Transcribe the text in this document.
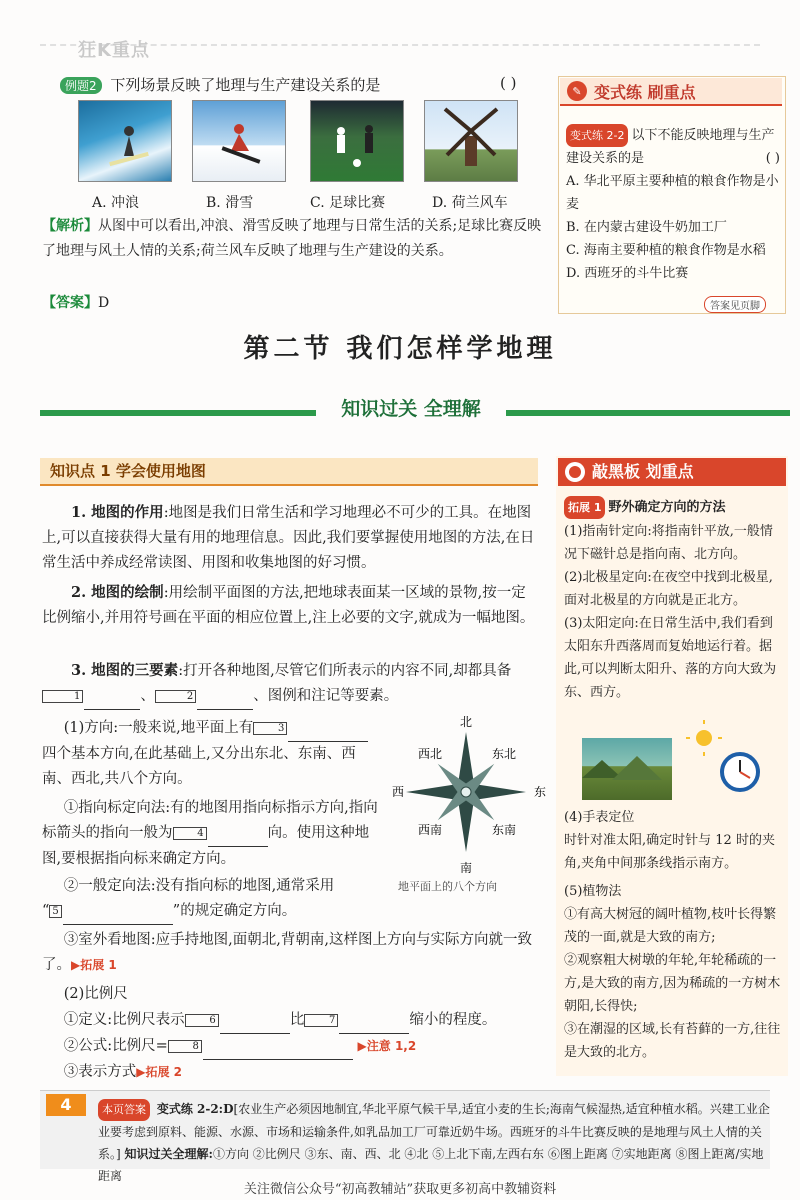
狂K重点
例题2 下列场景反映了地理与生产建设关系的是	( )
A. 冲浪	B. 滑雪	C. 足球比赛	D. 荷兰风车
【解析】从图中可以看出,冲浪、滑雪反映了地理与日常生活的关系;足球比赛反映了地理与风土人情的关系;荷兰风车反映了地理与生产建设的关系。
【答案】D
✎ 变式练 刷重点
变式练 2-2 以下不能反映地理与生产建设关系的是	( )

A. 华北平原主要种植的粮食作物是小麦
B. 在内蒙古建设牛奶加工厂
C. 海南主要种植的粮食作物是水稻
D. 西班牙的斗牛比赛
答案见页脚
第二节 我们怎样学地理
知识过关 全理解
知识点 1 学会使用地图
1. 地图的作用:地图是我们日常生活和学习地理必不可少的工具。在地图上,可以直接获得大量有用的地理信息。因此,我们要掌握使用地图的方法,在日常生活中养成经常读图、用图和收集地图的好习惯。
2. 地图的绘制:用绘制平面图的方法,把地球表面某一区域的景物,按一定比例缩小,并用符号画在平面的相应位置上,注上必要的文字,就成为一幅地图。
3. 地图的三要素:打开各种地图,尽管它们所表示的内容不同,却都具备1	、	2	、图例和注记等要素。
(1)方向:一般来说,地平面上有 3 四个基本方向,在此基础上,又分出东北、东南、西南、西北,共八个方向。
①指向标定向法:有的地图用指向标指示方向,指向标箭头的指向一般为 4	向。使用这种地图,要根据指向标来确定方向。
②一般定向法:没有指向标的地图,通常采用
“ 5	”的规定确定方向。
③室外看地图:应手持地图,面朝北,背朝南,这样图上方向与实际方向就一致了。▶拓展 1
(2)比例尺
①定义:比例尺表示 6	比 7	缩小的程度。
②公式:比例尺= 8	▶注意 1,2
③表示方式▶拓展 2
北
南
东
西
东北
西北
东南
西南
地平面上的八个方向
敲黑板 划重点
拓展 1 野外确定方向的方法
(1)指南针定向:将指南针平放,一般情况下磁针总是指向南、北方向。
(2)北极星定向:在夜空中找到北极星,面对北极星的方向就是正北方。
(3)太阳定向:在日常生活中,我们看到太阳东升西落周而复始地运行着。据此,可以判断太阳升、落的方向大致为东、西方。
(4)手表定位
时针对准太阳,确定时针与 12 时的夹角,夹角中间那条线指示南方。
(5)植物法
①有高大树冠的阔叶植物,枝叶长得繁茂的一面,就是大致的南方;
②观察粗大树墩的年轮,年轮稀疏的一方,是大致的南方,因为稀疏的一方树木朝阳,长得快;
③在潮湿的区域,长有苔藓的一方,往往是大致的北方。
4	本页答案 变式练 2-2:D[农业生产必须因地制宜,华北平原气候干旱,适宜小麦的生长;海南气候湿热,适宜种植水稻。兴建工业企业要考虑到原料、能源、水源、市场和运输条件,如乳品加工厂可靠近奶牛场。西班牙的斗牛比赛反映的是地理与风土人情的关系。] 知识过关全理解:①方向 ②比例尺 ③东、南、西、北 ④北 ⑤上北下南,左西右东 ⑥图上距离 ⑦实地距离 ⑧图上距离/实地距离
关注微信公众号“初高教辅站”获取更多初高中教辅资料
